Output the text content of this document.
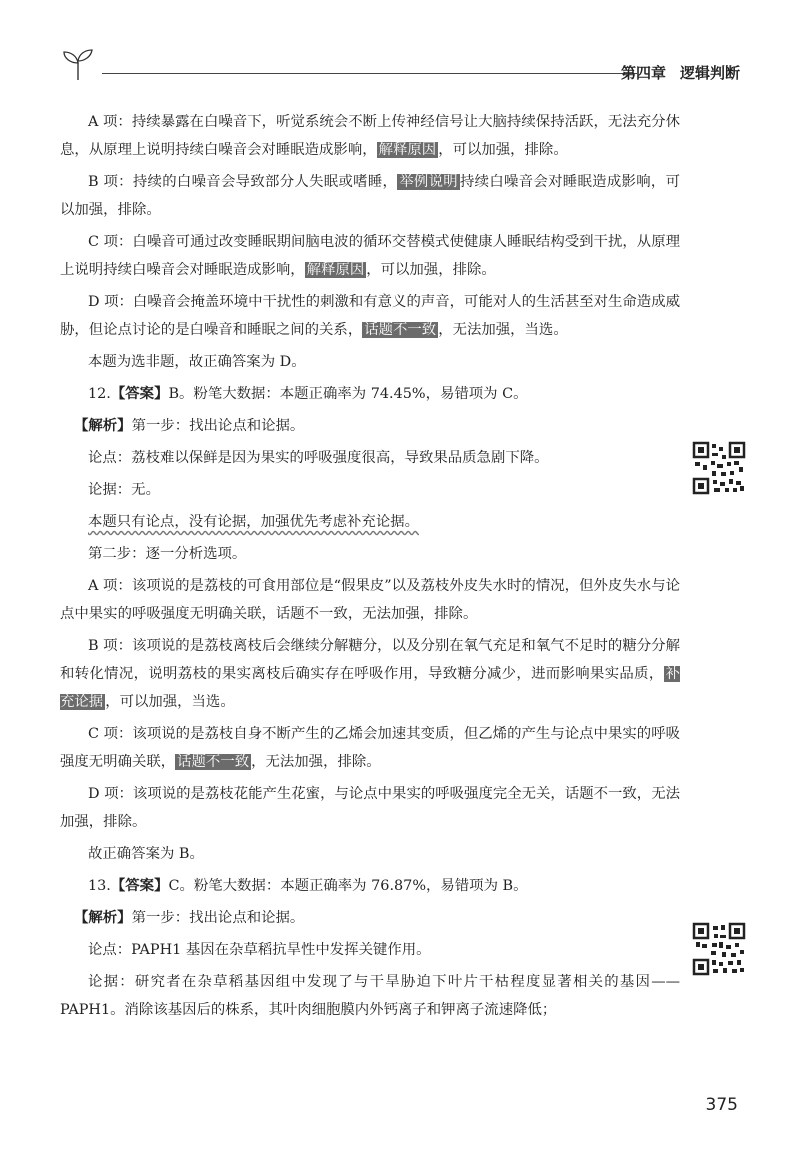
第四章 逻辑判断

A 项：持续暴露在白噪音下，听觉系统会不断上传神经信号让大脑持续保持活跃，无法充分休息，从原理上说明持续白噪音会对睡眠造成影响， 解释原因 ，可以加强，排除。

B 项：持续的白噪音会导致部分人失眠或嗜睡， 举例说明 持续白噪音会对睡眠造成影响，可以加强，排除。

C 项：白噪音可通过改变睡眠期间脑电波的循环交替模式使健康人睡眠结构受到干扰，从原理上说明持续白噪音会对睡眠造成影响， 解释原因 ，可以加强，排除。

D 项：白噪音会掩盖环境中干扰性的刺激和有意义的声音，可能对人的生活甚至对生命造成威胁，但论点讨论的是白噪音和睡眠之间的关系， 话题不一致 ，无法加强，当选。

本题为选非题，故正确答案为 D。

12.【答案】B。粉笔大数据：本题正确率为 74.45%，易错项为 C。

【解析】第一步：找出论点和论据。

论点：荔枝难以保鲜是因为果实的呼吸强度很高，导致果品质急剧下降。

论据：无。

本题只有论点，没有论据，加强优先考虑补充论据。

第二步：逐一分析选项。

A 项：该项说的是荔枝的可食用部位是“假果皮”以及荔枝外皮失水时的情况，但外皮失水与论点中果实的呼吸强度无明确关联，话题不一致，无法加强，排除。

B 项：该项说的是荔枝离枝后会继续分解糖分，以及分别在氧气充足和氧气不足时的糖分分解和转化情况，说明荔枝的果实离枝后确实存在呼吸作用，导致糖分减少，进而影响果实品质， 补充论据 ，可以加强，当选。

C 项：该项说的是荔枝自身不断产生的乙烯会加速其变质，但乙烯的产生与论点中果实的呼吸强度无明确关联， 话题不一致 ，无法加强，排除。

D 项：该项说的是荔枝花能产生花蜜，与论点中果实的呼吸强度完全无关，话题不一致，无法加强，排除。

故正确答案为 B。

13.【答案】C。粉笔大数据：本题正确率为 76.87%，易错项为 B。

【解析】第一步：找出论点和论据。

论点：PAPH1 基因在杂草稻抗旱性中发挥关键作用。

论据：研究者在杂草稻基因组中发现了与干旱胁迫下叶片干枯程度显著相关的基因——PAPH1。消除该基因后的株系，其叶肉细胞膜内外钙离子和钾离子流速降低；

375
